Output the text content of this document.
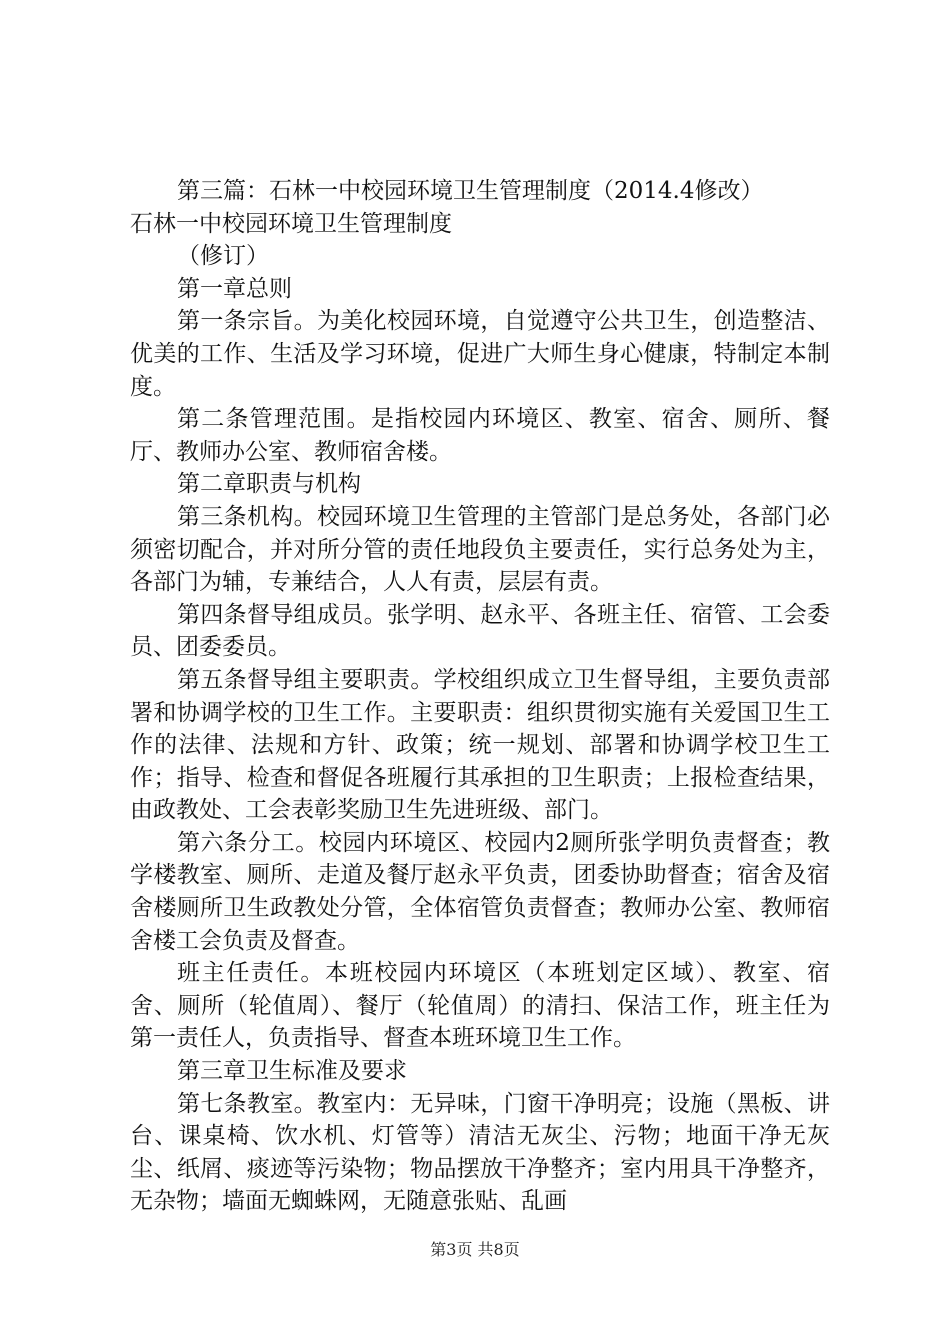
第三篇：石林一中校园环境卫生管理制度（2014.4修改）

石林一中校园环境卫生管理制度

（修订）

第一章总则

第一条宗旨。为美化校园环境，自觉遵守公共卫生，创造整洁、优美的工作、生活及学习环境，促进广大师生身心健康，特制定本制度。

第二条管理范围。是指校园内环境区、教室、宿舍、厕所、餐厅、教师办公室、教师宿舍楼。

第二章职责与机构

第三条机构。校园环境卫生管理的主管部门是总务处，各部门必须密切配合，并对所分管的责任地段负主要责任，实行总务处为主，各部门为辅，专兼结合，人人有责，层层有责。

第四条督导组成员。张学明、赵永平、各班主任、宿管、工会委员、团委委员。

第五条督导组主要职责。学校组织成立卫生督导组，主要负责部署和协调学校的卫生工作。主要职责：组织贯彻实施有关爱国卫生工作的法律、法规和方针、政策；统一规划、部署和协调学校卫生工作；指导、检查和督促各班履行其承担的卫生职责；上报检查结果，由政教处、工会表彰奖励卫生先进班级、部门。

第六条分工。校园内环境区、校园内2厕所张学明负责督查；教学楼教室、厕所、走道及餐厅赵永平负责，团委协助督查；宿舍及宿舍楼厕所卫生政教处分管，全体宿管负责督查；教师办公室、教师宿舍楼工会负责及督查。

班主任责任。本班校园内环境区（本班划定区域）、教室、宿舍、厕所（轮值周）、餐厅（轮值周）的清扫、保洁工作，班主任为第一责任人，负责指导、督查本班环境卫生工作。

第三章卫生标准及要求

第七条教室。教室内：无异味，门窗干净明亮；设施（黑板、讲台、课桌椅、饮水机、灯管等）清洁无灰尘、污物；地面干净无灰尘、纸屑、痰迹等污染物；物品摆放干净整齐；室内用具干净整齐，无杂物；墙面无蜘蛛网，无随意张贴、乱画

第3页 共8页
